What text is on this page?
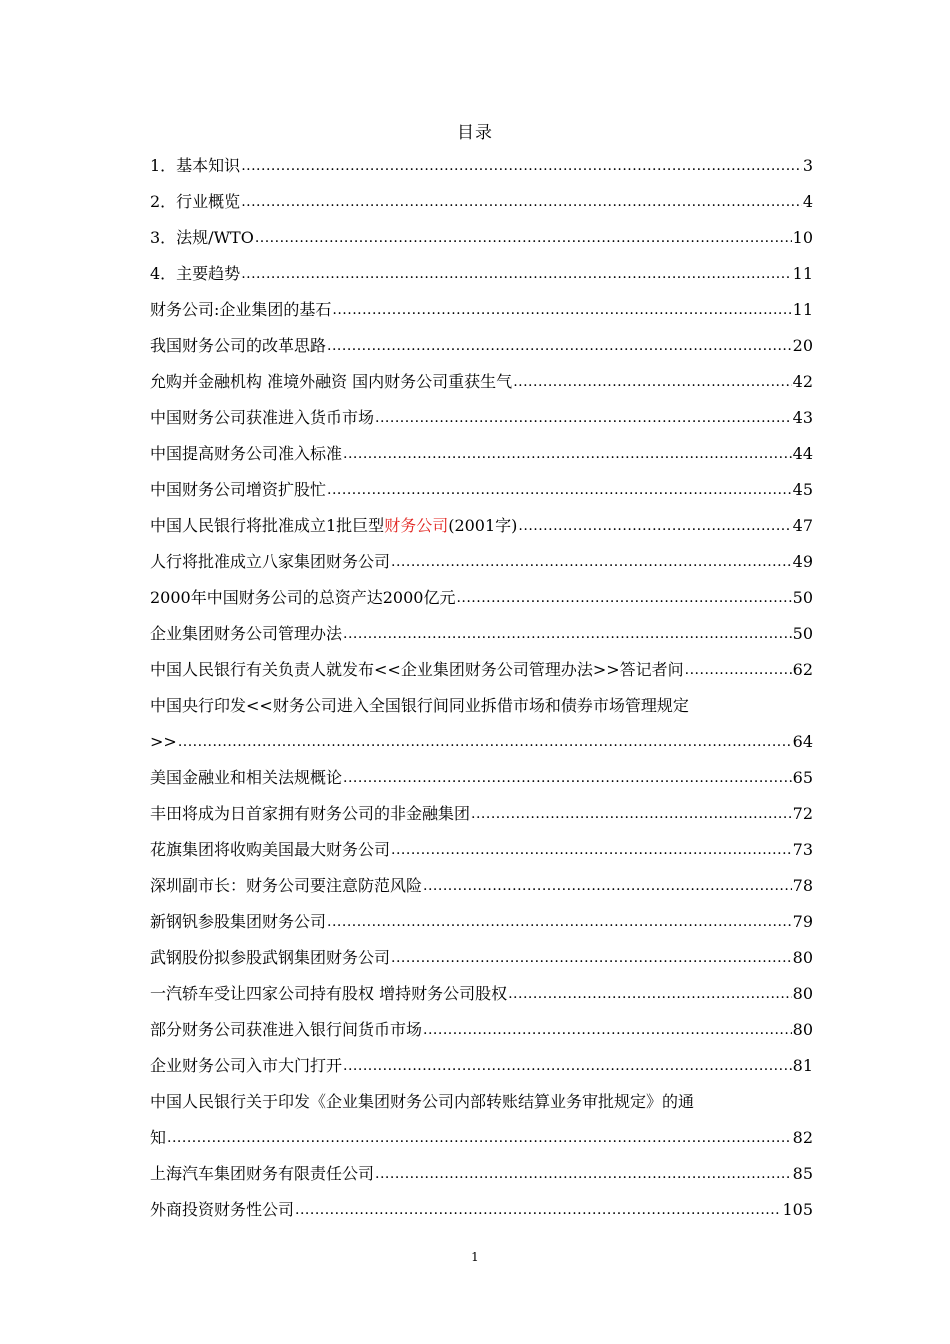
目录
1．基本知识 .....	3
2．行业概览 .....	4
3．法规/WTO .....	10
4．主要趋势 .....	11
财务公司:企业集团的基石 .....	11
我国财务公司的改革思路 .....	20
允购并金融机构 准境外融资 国内财务公司重获生气 .....	42
中国财务公司获准进入货币市场 .....	43
中国提高财务公司准入标准 .....	44
中国财务公司增资扩股忙 .....	45
中国人民银行将批准成立1批巨型财务公司(2001字) .....	47
人行将批准成立八家集团财务公司 .....	49
2000年中国财务公司的总资产达2000亿元 .....	50
企业集团财务公司管理办法 .....	50
中国人民银行有关负责人就发布<<企业集团财务公司管理办法>>答记者问 .....	62
中国央行印发<<财务公司进入全国银行间同业拆借市场和债券市场管理规定
>> .....	64
美国金融业和相关法规概论 .....	65
丰田将成为日首家拥有财务公司的非金融集团 .....	72
花旗集团将收购美国最大财务公司 .....	73
深圳副市长：财务公司要注意防范风险 .....	78
新钢钒参股集团财务公司 .....	79
武钢股份拟参股武钢集团财务公司 .....	80
一汽轿车受让四家公司持有股权 增持财务公司股权 .....	80
部分财务公司获准进入银行间货币市场 .....	80
企业财务公司入市大门打开 .....	81
中国人民银行关于印发《企业集团财务公司内部转账结算业务审批规定》的通
知 .....	82
上海汽车集团财务有限责任公司 .....	85
外商投资财务性公司 .....	105
1
